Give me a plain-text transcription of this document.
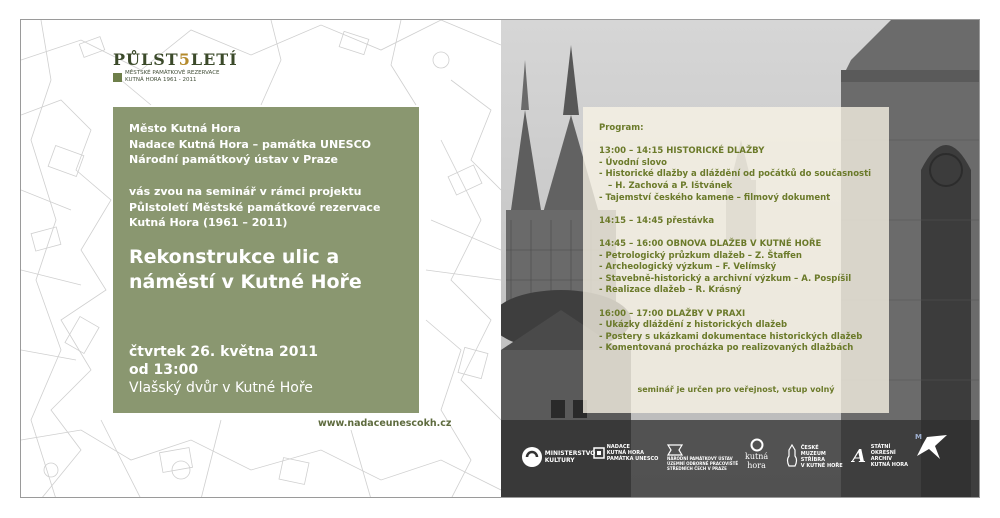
PŮLST5LETÍ
MĚSTSKÉ PAMÁTKOVÉ REZERVACE
KUTNÁ HORA 1961 - 2011
Město Kutná Hora
Nadace Kutná Hora – památka UNESCO
Národní památkový ústav v Praze
vás zvou na seminář v rámci projektu
Půlstoletí Městské památkové rezervace
Kutná Hora (1961 – 2011)
Rekonstrukce ulic a
náměstí v Kutné Hoře
čtvrtek 26. května 2011
od 13:00
Vlašský dvůr v Kutné Hoře
www.nadaceunescokh.cz
Program:
13:00 – 14:15 HISTORICKÉ DLAŽBY
- Úvodní slovo
- Historické dlažby a dláždění od počátků do současnosti
– H. Zachová a P. Ištvánek
- Tajemství českého kamene – filmový dokument
14:15 – 14:45 přestávka
14:45 – 16:00 OBNOVA DLAŽEB V KUTNÉ HOŘE
- Petrologický průzkum dlažeb – Z. Štaffen
- Archeologický výzkum – F. Velímský
- Stavebně-historický a archivní výzkum – A. Pospíšil
- Realizace dlažeb – R. Krásný
16:00 – 17:00 DLAŽBY V PRAXI
- Ukázky dláždění z historických dlažeb
- Postery s ukázkami dokumentace historických dlažeb
- Komentovaná procházka po realizovaných dlažbách
seminář je určen pro veřejnost, vstup volný

MINISTERSTVO
KULTURY

NADACE
KUTNÁ HORA
PAMÁTKA UNESCO NÁRODNÍ PAMÁTKOVÝ ÚSTAV
ÚZEMNÍ ODBORNÉ PRACOVIŠTĚ
STŘEDNÍCH ČECH V PRAZE
kutná
hora

ČESKÉ
MUZEUM
STŘÍBRA
V KUTNÉ HOŘE A
STÁTNÍ
OKRESNÍ
ARCHIV
KUTNÁ HORA
M
